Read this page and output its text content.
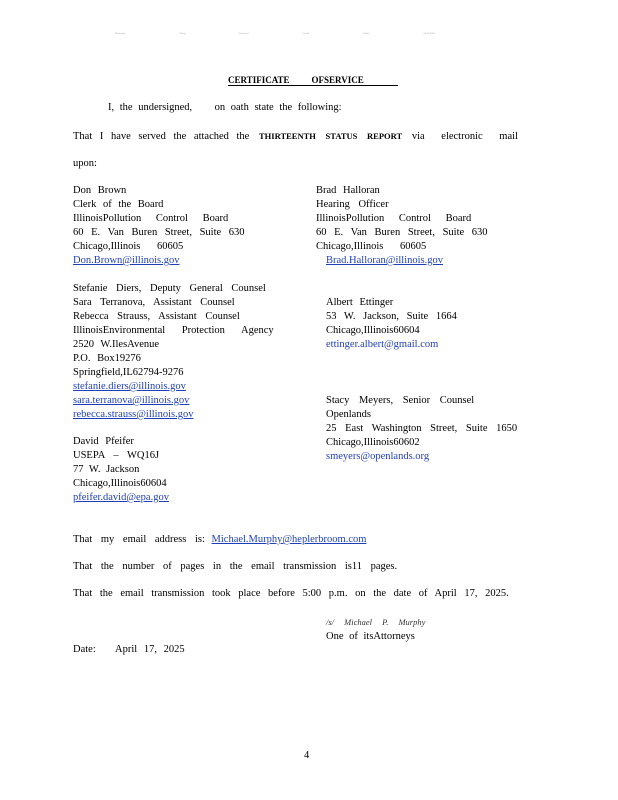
Electronic	Filing	Received	Clerk's	Office	04/17/2025
CERTIFICATE OFSERVICE
I, the undersigned,    on oath state the following:
That I have served the attached the THIRTEENTH STATUS REPORT via electronic mail
upon:
Don Brown
Clerk of the Board
IllinoisPollution Control Board
60 E. Van Buren Street, Suite 630
Chicago,Illinois 60605
Don.Brown@illinois.gov
Stefanie Diers, Deputy General Counsel
Sara Terranova, Assistant Counsel
Rebecca Strauss, Assistant Counsel
IllinoisEnvironmental Protection Agency
2520 W.IlesAvenue
P.O. Box19276
Springfield,IL62794-9276
stefanie.diers@illinois.gov
sara.terranova@illinois.gov
rebecca.strauss@illinois.gov
David Pfeifer
USEPA – WQ16J
77 W. Jackson
Chicago,Illinois60604
pfeifer.david@epa.gov
Brad Halloran
Hearing Officer
IllinoisPollution Control Board
60 E. Van Buren Street, Suite 630
Chicago,Illinois 60605
Brad.Halloran@illinois.gov
Albert Ettinger
53 W. Jackson, Suite 1664
Chicago,Illinois60604
ettinger.albert@gmail.com
Stacy Meyers, Senior Counsel
Openlands
25 East Washington Street, Suite 1650
Chicago,Illinois60602
smeyers@openlands.org
That my email address is: Michael.Murphy@heplerbroom.com
That the number of pages in the email transmission is11 pages.
That the email transmission took place before 5:00 p.m. on the date of April 17, 2025.
/s/ Michael P. Murphy
One of itsAttorneys
Date:   April 17, 2025
4
